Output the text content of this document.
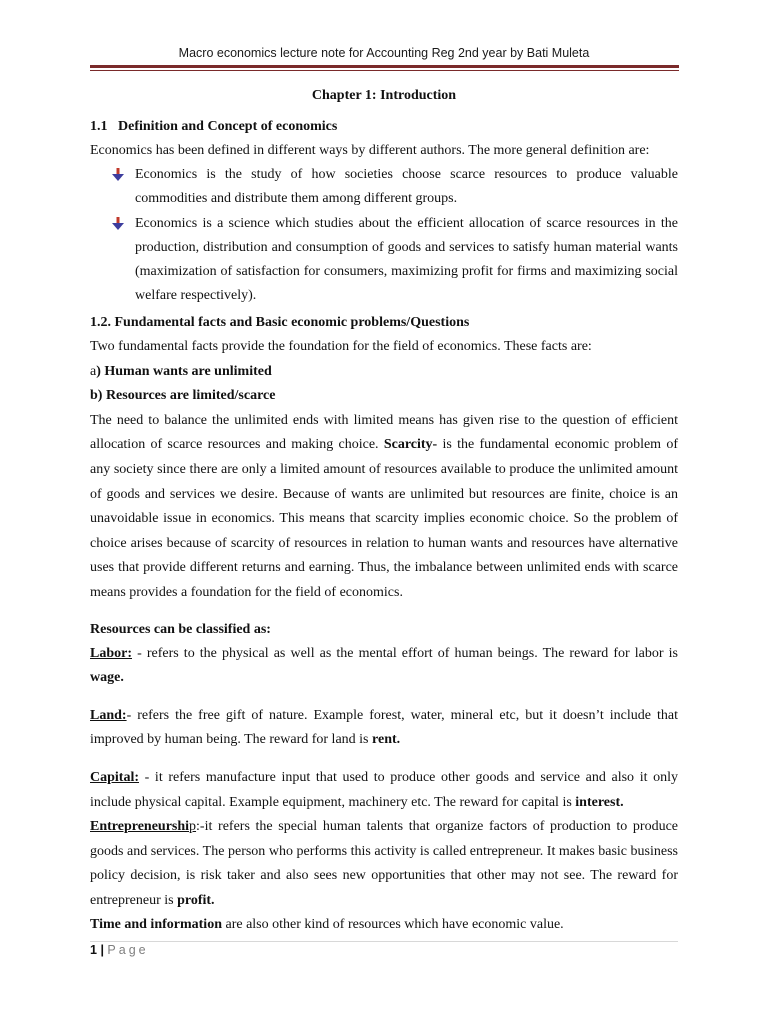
Macro economics lecture note for Accounting Reg 2nd year by Bati Muleta

Chapter 1: Introduction

1.1 Definition and Concept of economics

Economics has been defined in different ways by different authors. The more general definition are:

Economics is the study of how societies choose scarce resources to produce valuable commodities and distribute them among different groups.
Economics is a science which studies about the efficient allocation of scarce resources in the production, distribution and consumption of goods and services to satisfy human material wants (maximization of satisfaction for consumers, maximizing profit for firms and maximizing social welfare respectively).

1.2. Fundamental facts and Basic economic problems/Questions

Two fundamental facts provide the foundation for the field of economics. These facts are:

a) Human wants are unlimited

b) Resources are limited/scarce

The need to balance the unlimited ends with limited means has given rise to the question of efficient allocation of scarce resources and making choice. Scarcity- is the fundamental economic problem of any society since there are only a limited amount of resources available to produce the unlimited amount of goods and services we desire. Because of wants are unlimited but resources are finite, choice is an unavoidable issue in economics. This means that scarcity implies economic choice. So the problem of choice arises because of scarcity of resources in relation to human wants and resources have alternative uses that provide different returns and earning. Thus, the imbalance between unlimited ends with scarce means provides a foundation for the field of economics.

Resources can be classified as:

Labor: - refers to the physical as well as the mental effort of human beings. The reward for labor is wage.

Land:- refers the free gift of nature. Example forest, water, mineral etc, but it doesn’t include that improved by human being. The reward for land is rent.

Capital: - it refers manufacture input that used to produce other goods and service and also it only include physical capital. Example equipment, machinery etc. The reward for capital is interest.

Entrepreneurship:-it refers the special human talents that organize factors of production to produce goods and services. The person who performs this activity is called entrepreneur. It makes basic business policy decision, is risk taker and also sees new opportunities that other may not see. The reward for entrepreneur is profit.

Time and information are also other kind of resources which have economic value.

1 | Page
